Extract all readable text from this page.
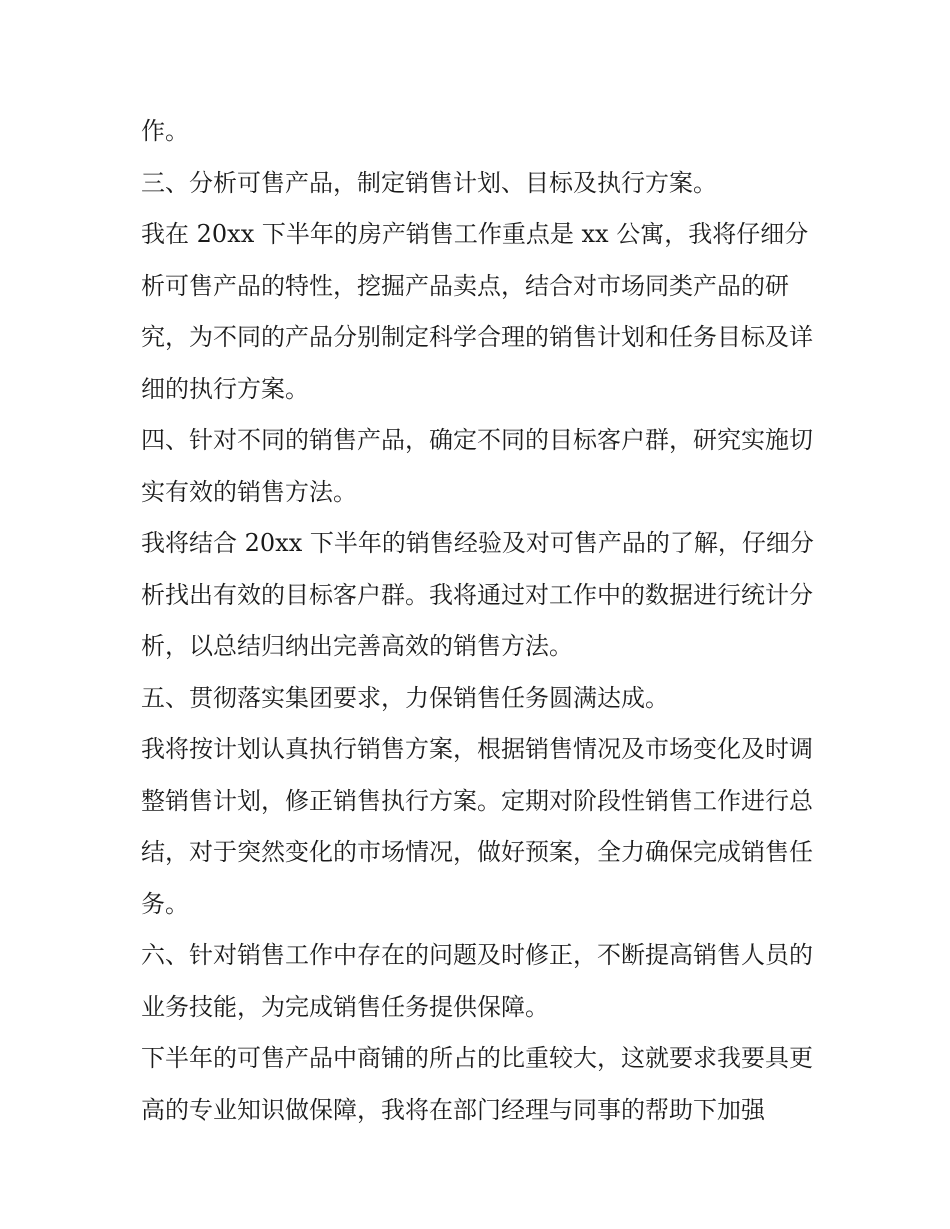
作。

三、分析可售产品，制定销售计划、目标及执行方案。

我在 20xx 下半年的房产销售工作重点是 xx 公寓，我将仔细分析可售产品的特性，挖掘产品卖点，结合对市场同类产品的研究，为不同的产品分别制定科学合理的销售计划和任务目标及详细的执行方案。

四、针对不同的销售产品，确定不同的目标客户群，研究实施切实有效的销售方法。

我将结合 20xx 下半年的销售经验及对可售产品的了解，仔细分析找出有效的目标客户群。我将通过对工作中的数据进行统计分析，以总结归纳出完善高效的销售方法。

五、贯彻落实集团要求，力保销售任务圆满达成。

我将按计划认真执行销售方案，根据销售情况及市场变化及时调整销售计划，修正销售执行方案。定期对阶段性销售工作进行总结，对于突然变化的市场情况，做好预案，全力确保完成销售任务。

六、针对销售工作中存在的问题及时修正，不断提高销售人员的业务技能，为完成销售任务提供保障。

下半年的可售产品中商铺的所占的比重较大，这就要求我要具更高的专业知识做保障，我将在部门经理与同事的帮助下加强
